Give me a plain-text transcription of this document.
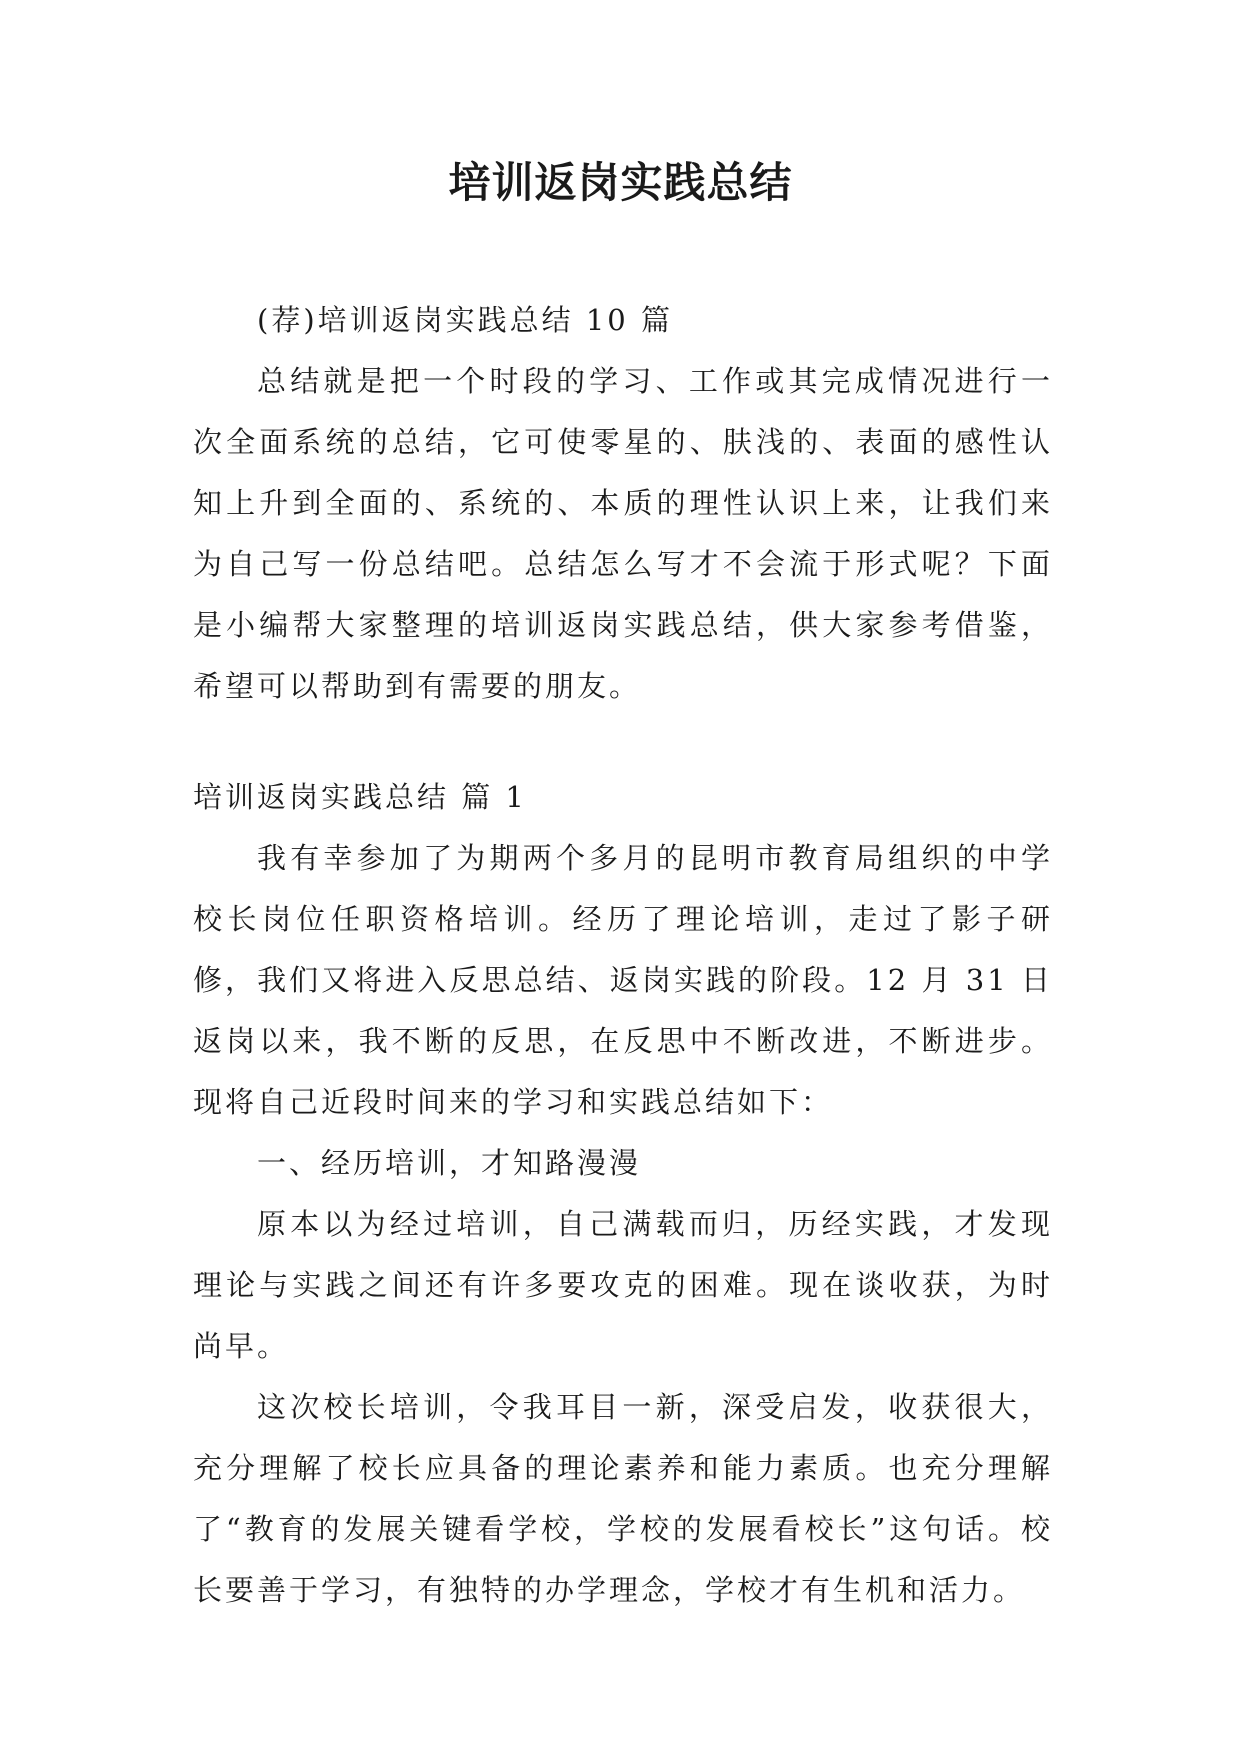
培训返岗实践总结

(荐)培训返岗实践总结 10 篇

总结就是把一个时段的学习、工作或其完成情况进行一次全面系统的总结，它可使零星的、肤浅的、表面的感性认知上升到全面的、系统的、本质的理性认识上来，让我们来为自己写一份总结吧。总结怎么写才不会流于形式呢？下面是小编帮大家整理的培训返岗实践总结，供大家参考借鉴，希望可以帮助到有需要的朋友。

培训返岗实践总结 篇 1

我有幸参加了为期两个多月的昆明市教育局组织的中学校长岗位任职资格培训。经历了理论培训，走过了影子研修，我们又将进入反思总结、返岗实践的阶段。12 月 31 日返岗以来，我不断的反思，在反思中不断改进，不断进步。现将自己近段时间来的学习和实践总结如下：

一、经历培训，才知路漫漫

原本以为经过培训，自己满载而归，历经实践，才发现理论与实践之间还有许多要攻克的困难。现在谈收获，为时尚早。

这次校长培训，令我耳目一新，深受启发，收获很大，充分理解了校长应具备的理论素养和能力素质。也充分理解了“教育的发展关键看学校，学校的发展看校长”这句话。校长要善于学习，有独特的办学理念，学校才有生机和活力。
